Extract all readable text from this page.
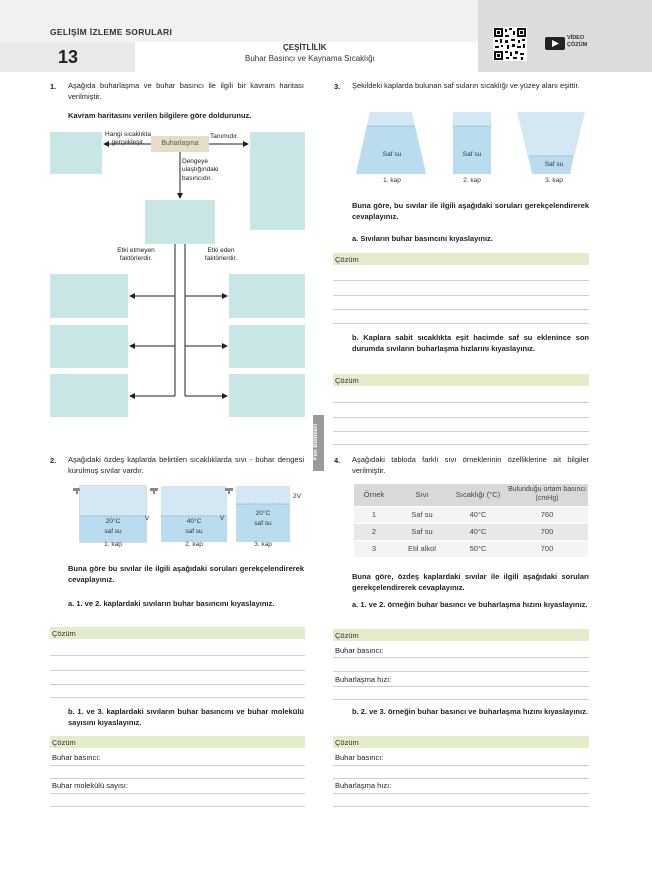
GELİŞİM İZLEME SORULARI
13	ÇEŞİTLİLİK
Buhar Basıncı ve Kaynama Sıcaklığı
VİDEO
ÇÖZÜM
Fen Bilimleri
1. Aşağıda buharlaşma ve buhar basıncı ile ilgili bir kavram haritası verilmiştir.
Kavram haritasını verilen bilgilere göre doldurunuz.
Buharlaşma
Hangi sıcaklıkta gerçekleşir.
Tanımıdır.
Dengeye ulaştığındaki basıncıdır.
Etki etmeyen faktörlerdir.
Etki eden faktörlerdir.
2. Aşağıdaki özdeş kaplarda belirtilen sıcaklıklarda sıvı - buhar dengesi kurulmuş sıvılar vardır.
20°C
saf su
V
1. kap
40°C
saf su
V
2. kap
20°C
saf su
2V
3. kap
Buna göre bu sıvılar ile ilgili aşağıdaki soruları gerekçelendirerek cevaplayınız.
a. 1. ve 2. kaplardaki sıvıların buhar basıncını kıyaslayınız.
Çözüm
b. 1. ve 3. kaplardaki sıvıların buhar basıncını ve buhar molekülü sayısını kıyaslayınız.
Çözüm
Buhar basıncı:
Buhar molekülü sayısı:
3. Şekildeki kaplarda bulunan saf suların sıcaklığı ve yüzey alanı eşittir.
Saf su	Saf su
Saf su
1. kap	2. kap	3. kap
Buna göre, bu sıvılar ile ilgili aşağıdaki soruları gerekçelendirerek cevaplayınız.
a. Sıvıların buhar basıncını kıyaslayınız.
Çözüm
b. Kaplara sabit sıcaklıkta eşit hacimde saf su eklenince son durumda sıvıların buharlaşma hızlarını kıyaslayınız.
Çözüm
4. Aşağıdaki tabloda farklı sıvı örneklerinin özelliklerine ait bilgiler verilmiştir.
Örnek	Sıvı	Sıcaklığı (°C)	Bulunduğu ortam basıncı (cmHg)
1	Saf su	40°C	760
2	Saf su	40°C	700
3	Etil alkol	50°C	700
Buna göre, özdeş kaplardaki sıvılar ile ilgili aşağıdaki soruları gerekçelendirerek cevaplayınız.
a. 1. ve 2. örneğin buhar basıncı ve buharlaşma hızını kıyaslayınız.
Çözüm
Buhar basıncı:
Buharlaşma hızı:
b. 2. ve 3. örneğin buhar basıncı ve buharlaşma hızını kıyaslayınız.
Çözüm
Buhar basıncı:
Buharlaşma hızı:
